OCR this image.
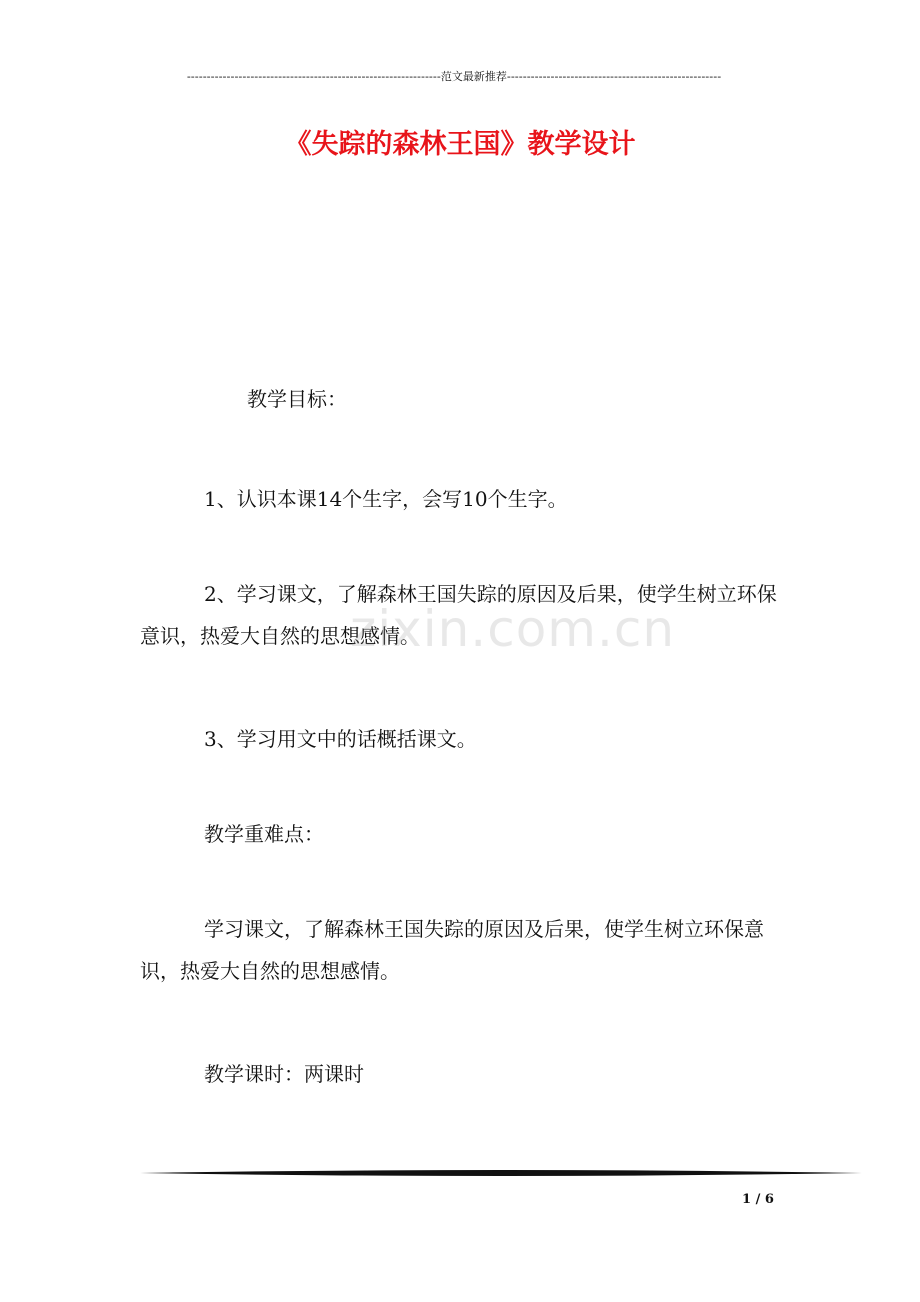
----------------------------------------------------------------范文最新推荐------------------------------------------------------
《失踪的森林王国》教学设计

教学目标：

1、认识本课14个生字，会写10个生字。

2、学习课文，了解森林王国失踪的原因及后果，使学生树立环保意识，热爱大自然的思想感情。

3、学习用文中的话概括课文。

教学重难点：

学习课文，了解森林王国失踪的原因及后果，使学生树立环保意识，热爱大自然的思想感情。

教学课时：两课时

zixin.com.cn
1 / 6
